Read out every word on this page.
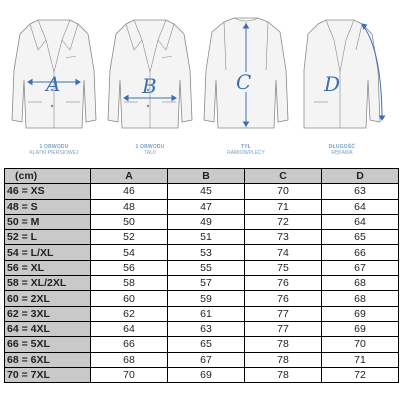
A
1 OBWODU
KLATKI PIERSIOWEJ
B
1 OBWODU
TALII
C
TYŁ
RAMION/PLECY
D
DŁUGOŚĆ
RĘKAWA
(cm)	A	B	C	D
46 = XS	46	45	70	63
48 = S	48	47	71	64
50 = M	50	49	72	64
52 = L	52	51	73	65
54 = L/XL	54	53	74	66
56 = XL	56	55	75	67
58 = XL/2XL	58	57	76	68
60 = 2XL	60	59	76	68
62 = 3XL	62	61	77	69
64 = 4XL	64	63	77	69
66 = 5XL	66	65	78	70
68 = 6XL	68	67	78	71
70 = 7XL	70	69	78	72
